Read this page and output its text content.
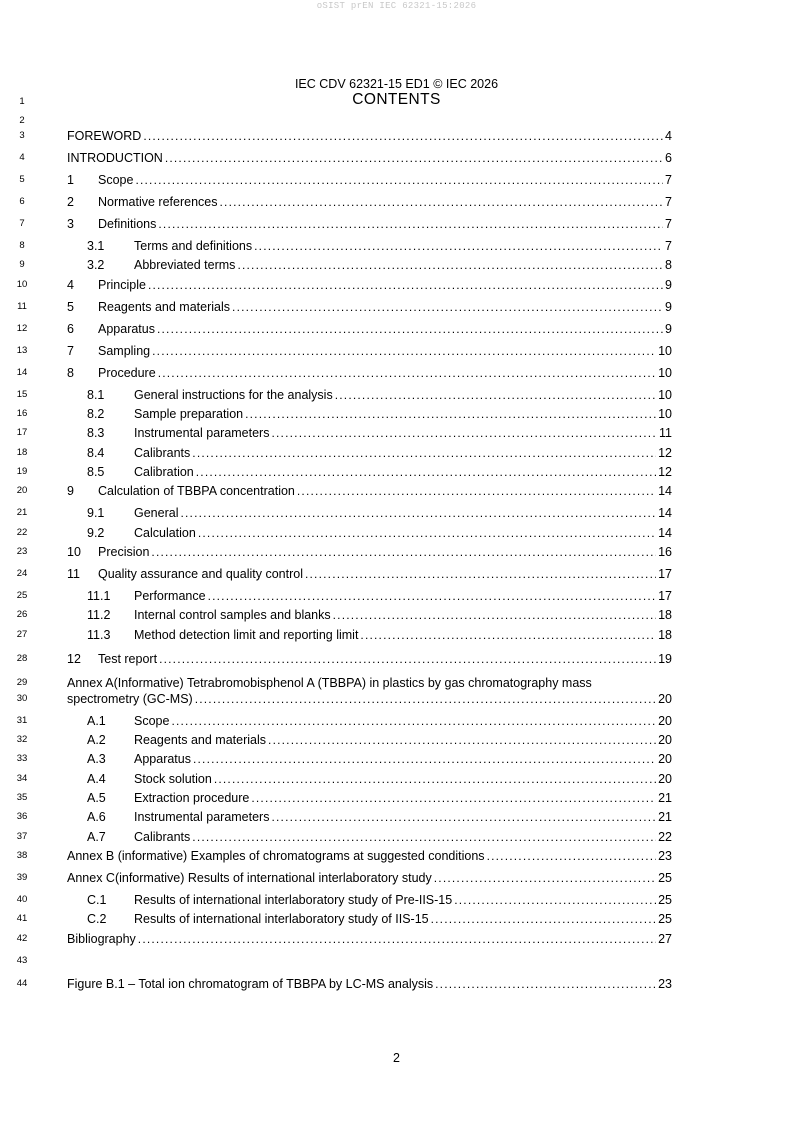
oSIST prEN IEC 62321-15:2026
IEC CDV 62321-15 ED1 © IEC 2026
CONTENTS
1
2
3
4
5
6
7
8
9
10
11
12
13
14
15
16
17
18
19
20
21
22
23
24
25
26
27
28
29
30
31
32
33
34
35
36
37
38
39
40
41
42
43
44
FOREWORD .....	4
INTRODUCTION .....	6
1	Scope .....	7
2	Normative references .....	7
3	Definitions .....	7
3.1	Terms and definitions .....	7
3.2	Abbreviated terms .....	8
4	Principle .....	9
5	Reagents and materials .....	9
6	Apparatus .....	9
7	Sampling .....	10
8	Procedure .....	10
8.1	General instructions for the analysis .....	10
8.2	Sample preparation .....	10
8.3	Instrumental parameters .....	11
8.4	Calibrants .....	12
8.5	Calibration .....	12
9	Calculation of TBBPA concentration .....	14
9.1	General .....	14
9.2	Calculation .....	14
10	Precision .....	16
11	Quality assurance and quality control .....	17
11.1	Performance .....	17
11.2	Internal control samples and blanks .....	18
11.3	Method detection limit and reporting limit .....	18
12	Test report .....	19
Annex A(Informative) Tetrabromobisphenol A (TBBPA) in plastics by gas chromatography mass
spectrometry (GC-MS) .....	20
A.1	Scope .....	20
A.2	Reagents and materials .....	20
A.3	Apparatus .....	20
A.4	Stock solution .....	20
A.5	Extraction procedure .....	21
A.6	Instrumental parameters .....	21
A.7	Calibrants .....	22
Annex B (informative) Examples of chromatograms at suggested conditions .....	23
Annex C(informative) Results of international interlaboratory study .....	25
C.1	Results of international interlaboratory study of Pre-IIS-15 .....	25
C.2	Results of international interlaboratory study of IIS-15 .....	25
Bibliography .....	27
Figure B.1 – Total ion chromatogram of TBBPA by LC-MS analysis .....	23
2
